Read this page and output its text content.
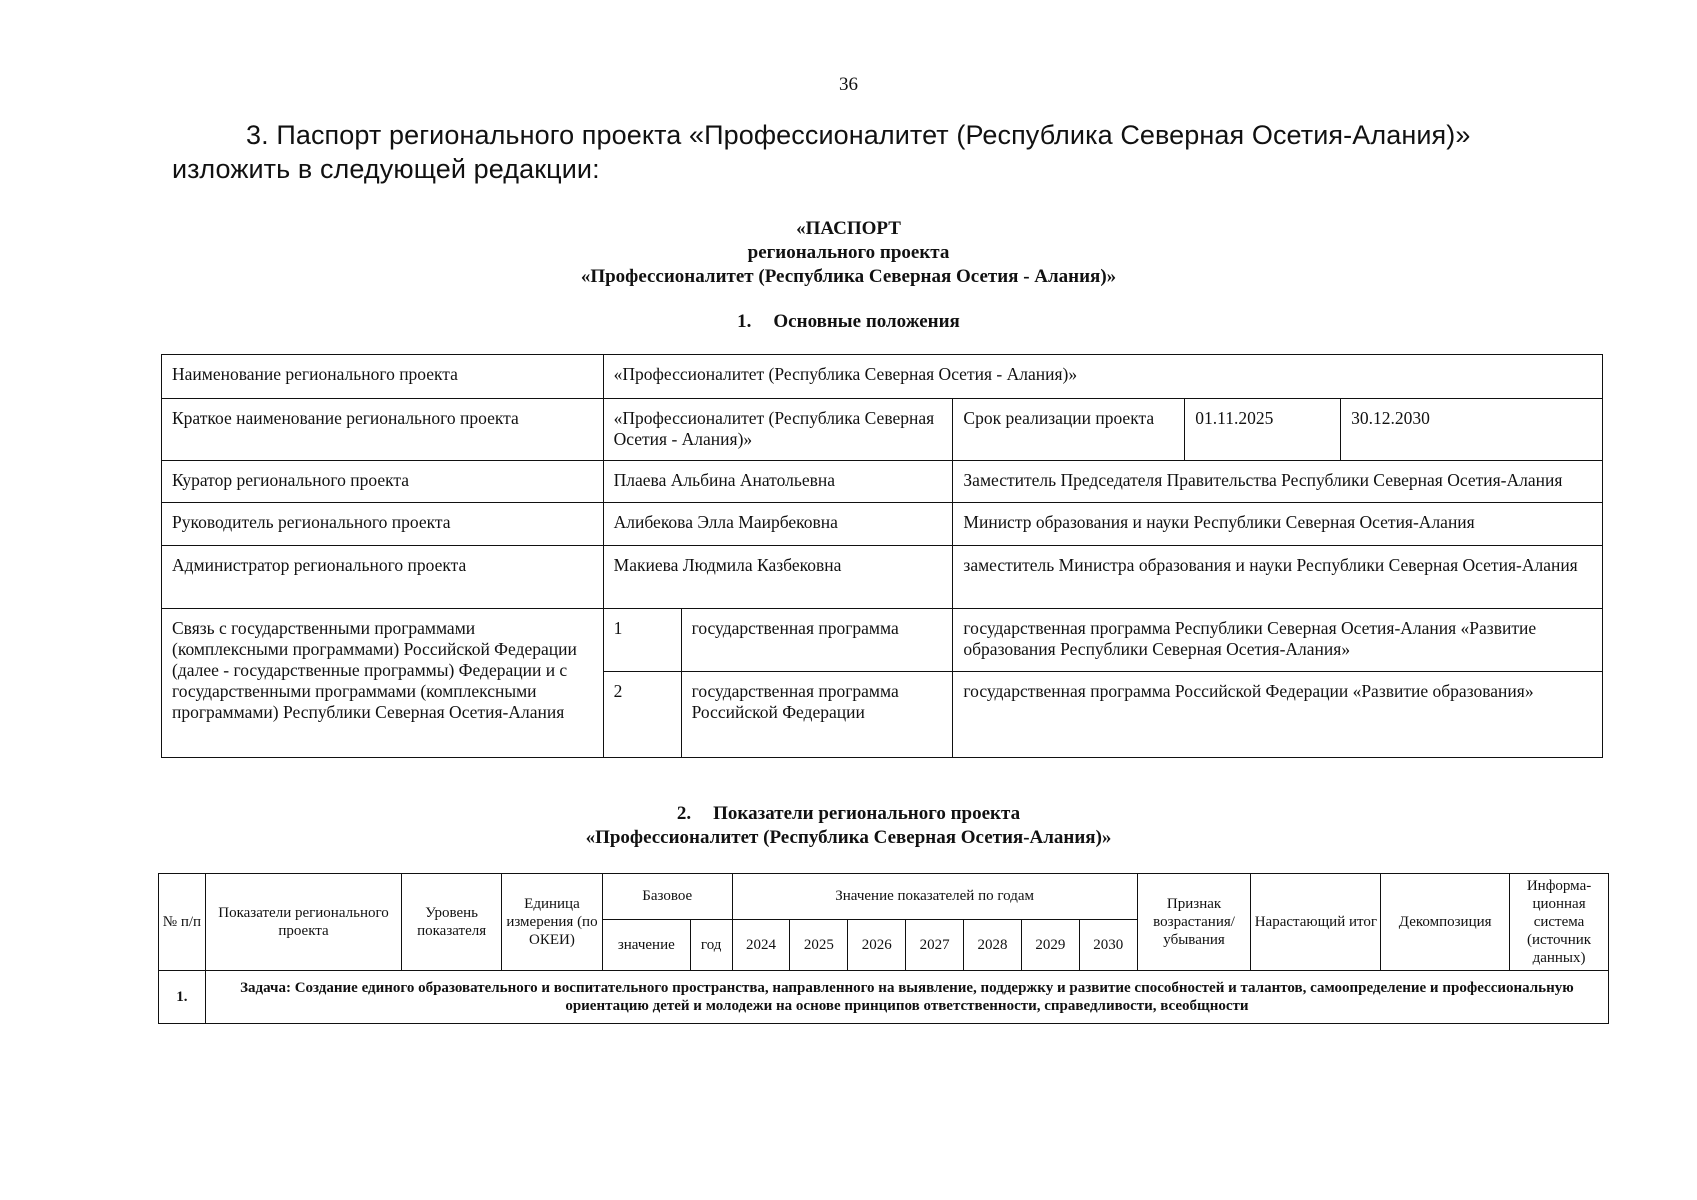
36
3. Паспорт регионального проекта «Профессионалитет (Республика Северная Осетия-Алания)» изложить в следующей редакции:
«ПАСПОРТ
регионального проекта
«Профессионалитет (Республика Северная Осетия - Алания)»
1. Основные положения
Наименование регионального проекта	«Профессионалитет (Республика Северная Осетия - Алания)»				
Краткое наименование регионального проекта	«Профессионалитет (Республика Северная Осетия - Алания)»		Срок реализации проекта	01.11.2025	30.12.2030
Куратор регионального проекта	Плаева Альбина Анатольевна		Заместитель Председателя Правительства Республики Северная Осетия-Алания		
Руководитель регионального проекта	Алибекова Элла Маирбековна		Министр образования и науки Республики Северная Осетия-Алания		
Администратор регионального проекта	Макиева Людмила Казбековна		заместитель Министра образования и науки Республики Северная Осетия-Алания		
Связь с государственными программами (комплексными программами) Российской Федерации (далее - государственные программы) Федерации и с государственными программами (комплексными программами) Республики Северная Осетия-Алания	1	государственная программа	государственная программа Республики Северная Осетия-Алания «Развитие образования Республики Северная Осетия-Алания»		
	2	государственная программа Российской Федерации	государственная программа Российской Федерации «Развитие образования»		
2. Показатели регионального проекта
«Профессионалитет (Республика Северная Осетия-Алания)»
№ п/п	Показатели регионального проекта	Уровень показателя	Единица измерения (по ОКЕИ)	Базовое		Значение показателей по годам							Признак возрастания/ убывания	Нарастающий итог	Декомпозиция	Информа-ционная система (источник данных)
				значение	год	2024	2025	2026	2027	2028	2029	2030				
1.	Задача: Создание единого образовательного и воспитательного пространства, направленного на выявление, поддержку и развитие способностей и талантов, самоопределение и профессиональную ориентацию детей и молодежи на основе принципов ответственности, справедливости, всеобщности															
